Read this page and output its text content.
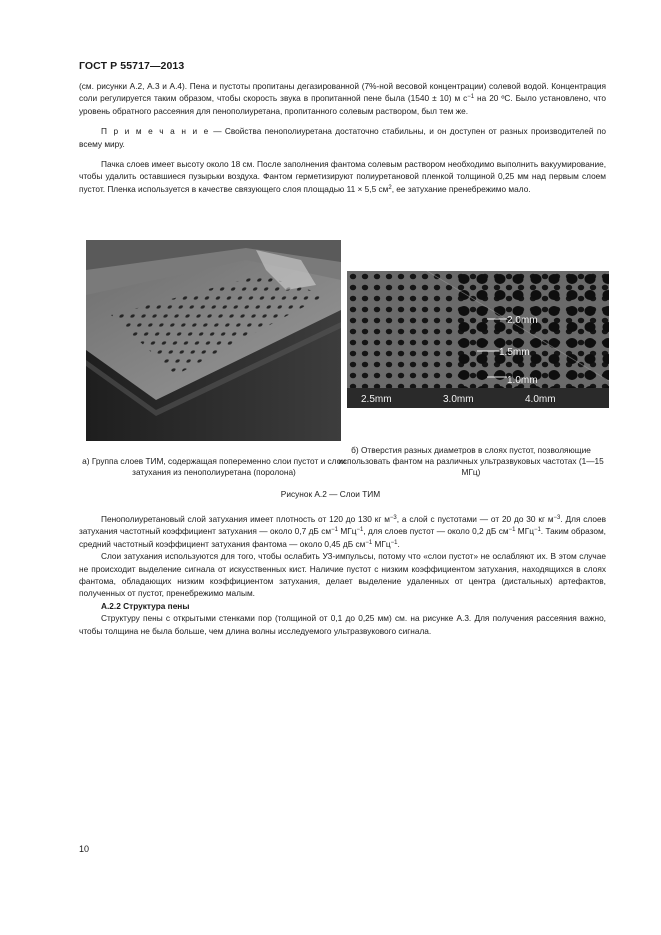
ГОСТ Р 55717—2013

(см. рисунки А.2, А.3 и А.4). Пена и пустоты пропитаны дегазированной (7%-ной весовой концентрации) солевой водой. Концентрация соли регулируется таким образом, чтобы скорость звука в пропитанной пене была (1540 ± 10) м $с^{-1}$ на 20 ºС. Было установлено, что уровень обратного рассеяния для пенополиуретана, пропитанного солевым раствором, был тем же.

П р и м е ч а н и е — Свойства пенополиуретана достаточно стабильны, и он доступен от разных производителей по всему миру.

Пачка слоев имеет высоту около 18 см. После заполнения фантома солевым раствором необходимо выполнить вакуумирование, чтобы удалить оставшиеся пузырьки воздуха. Фантом герметизируют полиуретановой пленкой толщиной 0,25 мм над первым слоем пустот. Пленка используется в качестве связующего слоя площадью 11 × 5,5 $см^2$, ее затухание пренебрежимо мало.

2.0mm
1.5mm
1.0mm
2.5mm	3.0mm	4.0mm
б) Отверстия разных диаметров в слоях пустот, позволяющие использовать фантом на различных ультразвуковых частотах (1—15 МГц)
а) Группа слоев ТИМ, содержащая попеременно слои пустот и слои затухания из пенополиуретана (поролона)
Рисунок А.2 — Слои ТИМ

Пенополиуретановый слой затухания имеет плотность от 120 до 130 кг $м^{-3}$, а слой с пустотами — от 20 до 30 кг $м^{-3}$. Для слоев затухания частотный коэффициент затухания — около 0,7 дБ $см^{-1}$ МГц$^{-1}$, для слоев пустот — около 0,2 дБ $см^{-1}$ МГц$^{-1}$. Таким образом, средний частотный коэффициент затухания фантома — около 0,45 дБ $см^{-1}$ МГц$^{-1}$.

Слои затухания используются для того, чтобы ослабить УЗ-импульсы, потому что «слои пустот» не ослабляют их. В этом случае не происходит выделение сигнала от искусственных кист. Наличие пустот с низким коэффициентом затухания, находящихся в слоях фантома, обладающих низким коэффициентом затухания, делает выделение удаленных от центра (дистальных) артефактов, полученных от пустот, пренебрежимо малым.

А.2.2 Структура пены

Структуру пены с открытыми стенками пор (толщиной от 0,1 до 0,25 мм) см. на рисунке А.3. Для получения рассеяния важно, чтобы толщина не была больше, чем длина волны исследуемого ультразвукового сигнала.

10
